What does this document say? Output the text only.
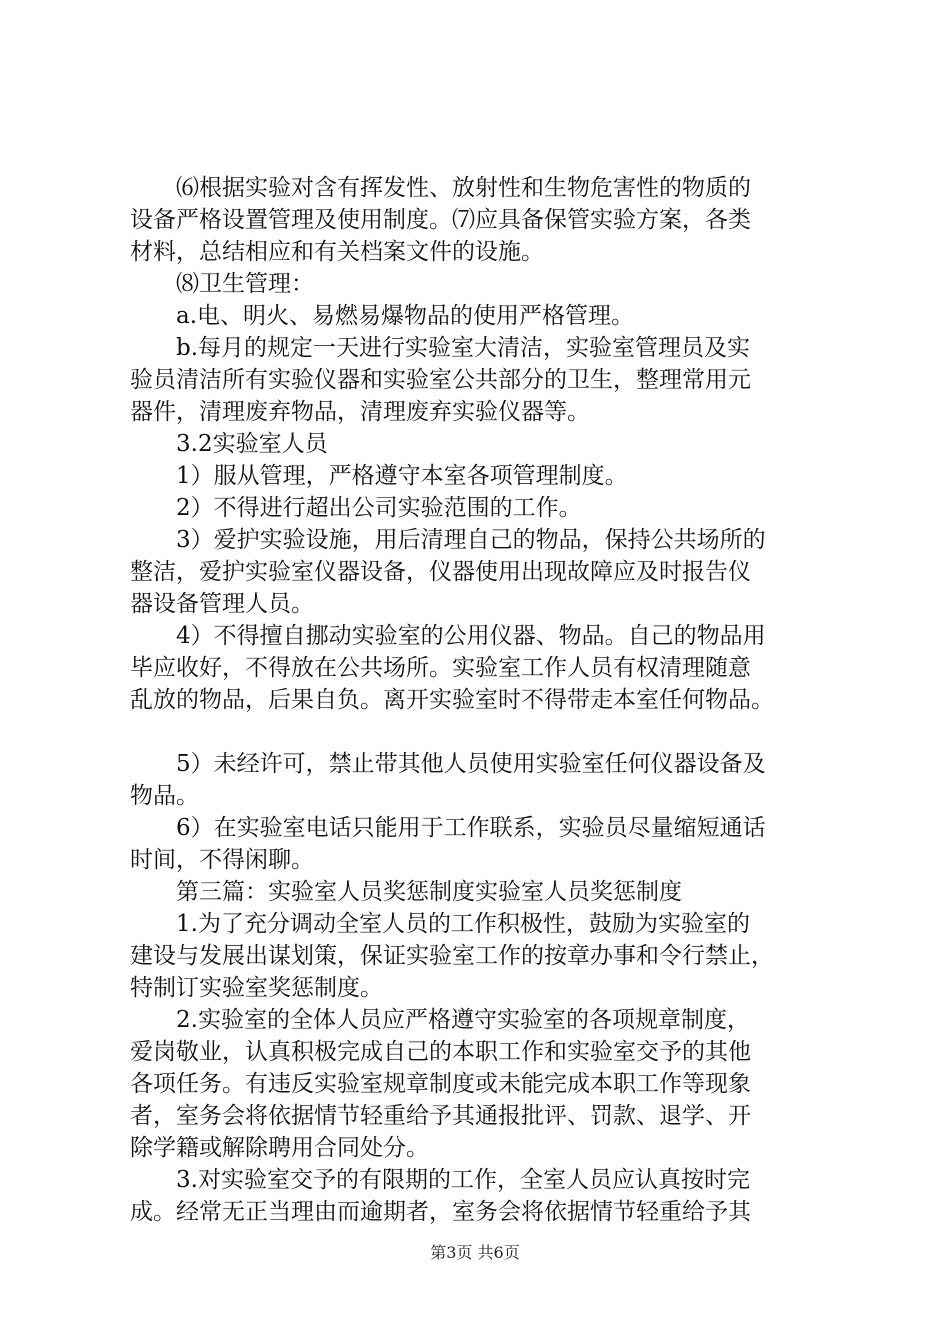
⑹根据实验对含有挥发性、放射性和生物危害性的物质的
设备严格设置管理及使用制度。⑺应具备保管实验方案，各类
材料，总结相应和有关档案文件的设施。
⑻卫生管理：
a.电、明火、易燃易爆物品的使用严格管理。
b.每月的规定一天进行实验室大清洁，实验室管理员及实
验员清洁所有实验仪器和实验室公共部分的卫生，整理常用元
器件，清理废弃物品，清理废弃实验仪器等。
3.2实验室人员
1）服从管理，严格遵守本室各项管理制度。
2）不得进行超出公司实验范围的工作。
3）爱护实验设施，用后清理自己的物品，保持公共场所的
整洁，爱护实验室仪器设备，仪器使用出现故障应及时报告仪
器设备管理人员。
4）不得擅自挪动实验室的公用仪器、物品。自己的物品用
毕应收好，不得放在公共场所。实验室工作人员有权清理随意
乱放的物品，后果自负。离开实验室时不得带走本室任何物品。
5）未经许可，禁止带其他人员使用实验室任何仪器设备及
物品。
6）在实验室电话只能用于工作联系，实验员尽量缩短通话
时间，不得闲聊。
第三篇：实验室人员奖惩制度实验室人员奖惩制度
1.为了充分调动全室人员的工作积极性，鼓励为实验室的
建设与发展出谋划策，保证实验室工作的按章办事和令行禁止，
特制订实验室奖惩制度。
2.实验室的全体人员应严格遵守实验室的各项规章制度，
爱岗敬业，认真积极完成自己的本职工作和实验室交予的其他
各项任务。有违反实验室规章制度或未能完成本职工作等现象
者，室务会将依据情节轻重给予其通报批评、罚款、退学、开
除学籍或解除聘用合同处分。
3.对实验室交予的有限期的工作，全室人员应认真按时完
成。经常无正当理由而逾期者，室务会将依据情节轻重给予其
第3页 共6页
